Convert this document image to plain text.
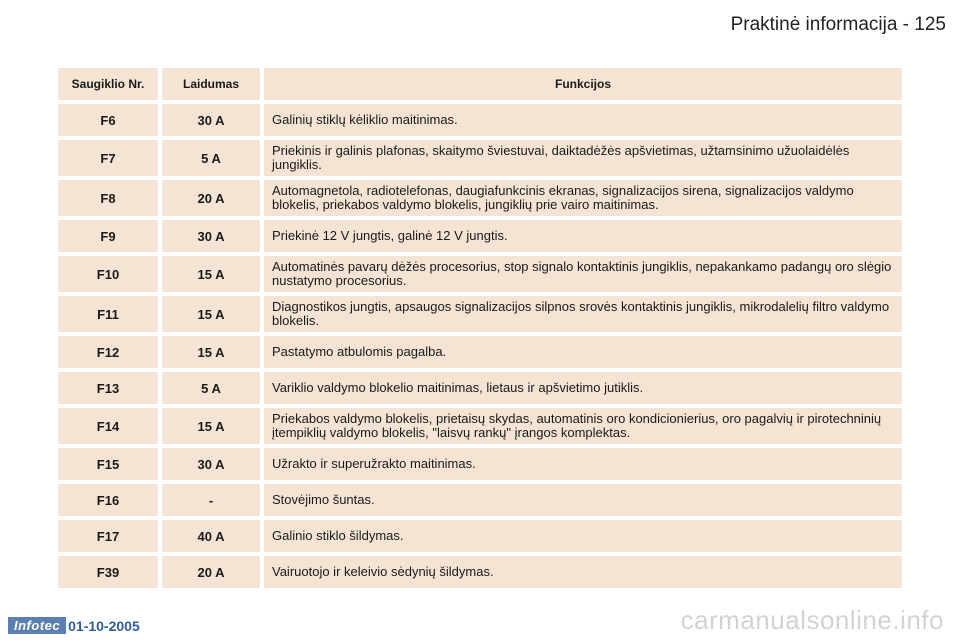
Praktinė informacija - 125
Saugiklio Nr.	Laidumas	Funkcijos
F6	30 A	Galinių stiklų kėliklio maitinimas.
F7	5 A	Priekinis ir galinis plafonas, skaitymo šviestuvai, daiktadėžės apšvietimas, užtamsinimo užuolaidėlės jungiklis.
F8	20 A	Automagnetola, radiotelefonas, daugiafunkcinis ekranas, signalizacijos sirena, signalizacijos valdymo blokelis, priekabos valdymo blokelis, jungiklių prie vairo maitinimas.
F9	30 A	Priekinė 12 V jungtis, galinė 12 V jungtis.
F10	15 A	Automatinės pavarų dėžės procesorius, stop signalo kontaktinis jungiklis, nepakankamo padangų oro slėgio nustatymo procesorius.
F11	15 A	Diagnostikos jungtis, apsaugos signalizacijos silpnos srovės kontaktinis jungiklis, mikrodalelių filtro valdymo blokelis.
F12	15 A	Pastatymo atbulomis pagalba.
F13	5 A	Variklio valdymo blokelio maitinimas, lietaus ir apšvietimo jutiklis.
F14	15 A	Priekabos valdymo blokelis, prietaisų skydas, automatinis oro kondicionierius, oro pagalvių ir pirotechninių įtempiklių valdymo blokelis, "laisvų rankų" įrangos komplektas.
F15	30 A	Užrakto ir superužrakto maitinimas.
F16	-	Stovėjimo šuntas.
F17	40 A	Galinio stiklo šildymas.
F39	20 A	Vairuotojo ir keleivio sėdynių šildymas.
Infotec 01-10-2005	carmanualsonline.info
